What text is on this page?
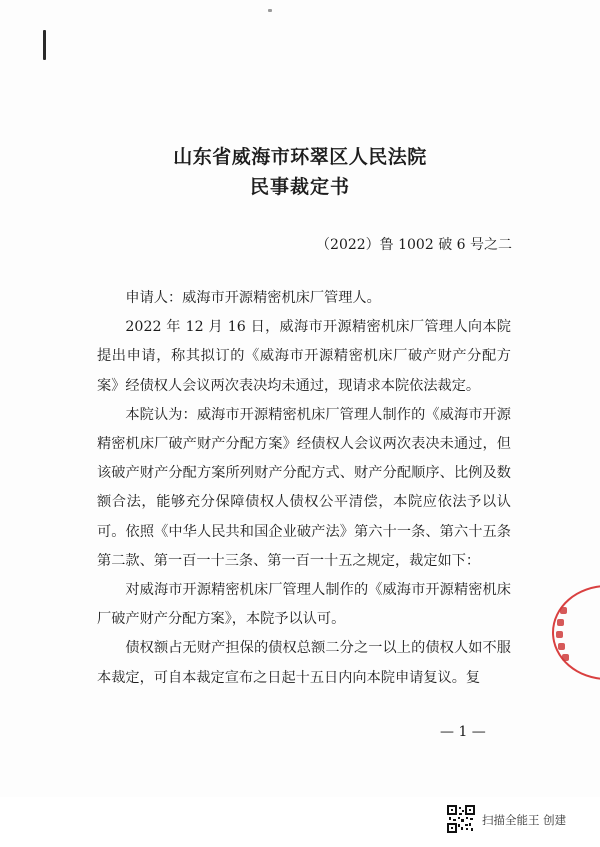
山东省威海市环翠区人民法院
民事裁定书
（2022）鲁 1002 破 6 号之二

申请人：威海市开源精密机床厂管理人。

2022 年 12 月 16 日，威海市开源精密机床厂管理人向本院提出申请，称其拟订的《威海市开源精密机床厂破产财产分配方案》经债权人会议两次表决均未通过，现请求本院依法裁定。

本院认为：威海市开源精密机床厂管理人制作的《威海市开源精密机床厂破产财产分配方案》经债权人会议两次表决未通过，但该破产财产分配方案所列财产分配方式、财产分配顺序、比例及数额合法，能够充分保障债权人债权公平清偿，本院应依法予以认可。依照《中华人民共和国企业破产法》第六十一条、第六十五条第二款、第一百一十三条、第一百一十五之规定，裁定如下：

对威海市开源精密机床厂管理人制作的《威海市开源精密机床厂破产财产分配方案》，本院予以认可。

债权额占无财产担保的债权总额二分之一以上的债权人如不服本裁定，可自本裁定宣布之日起十五日内向本院申请复议。复

— 1 —
扫描全能王 创建
